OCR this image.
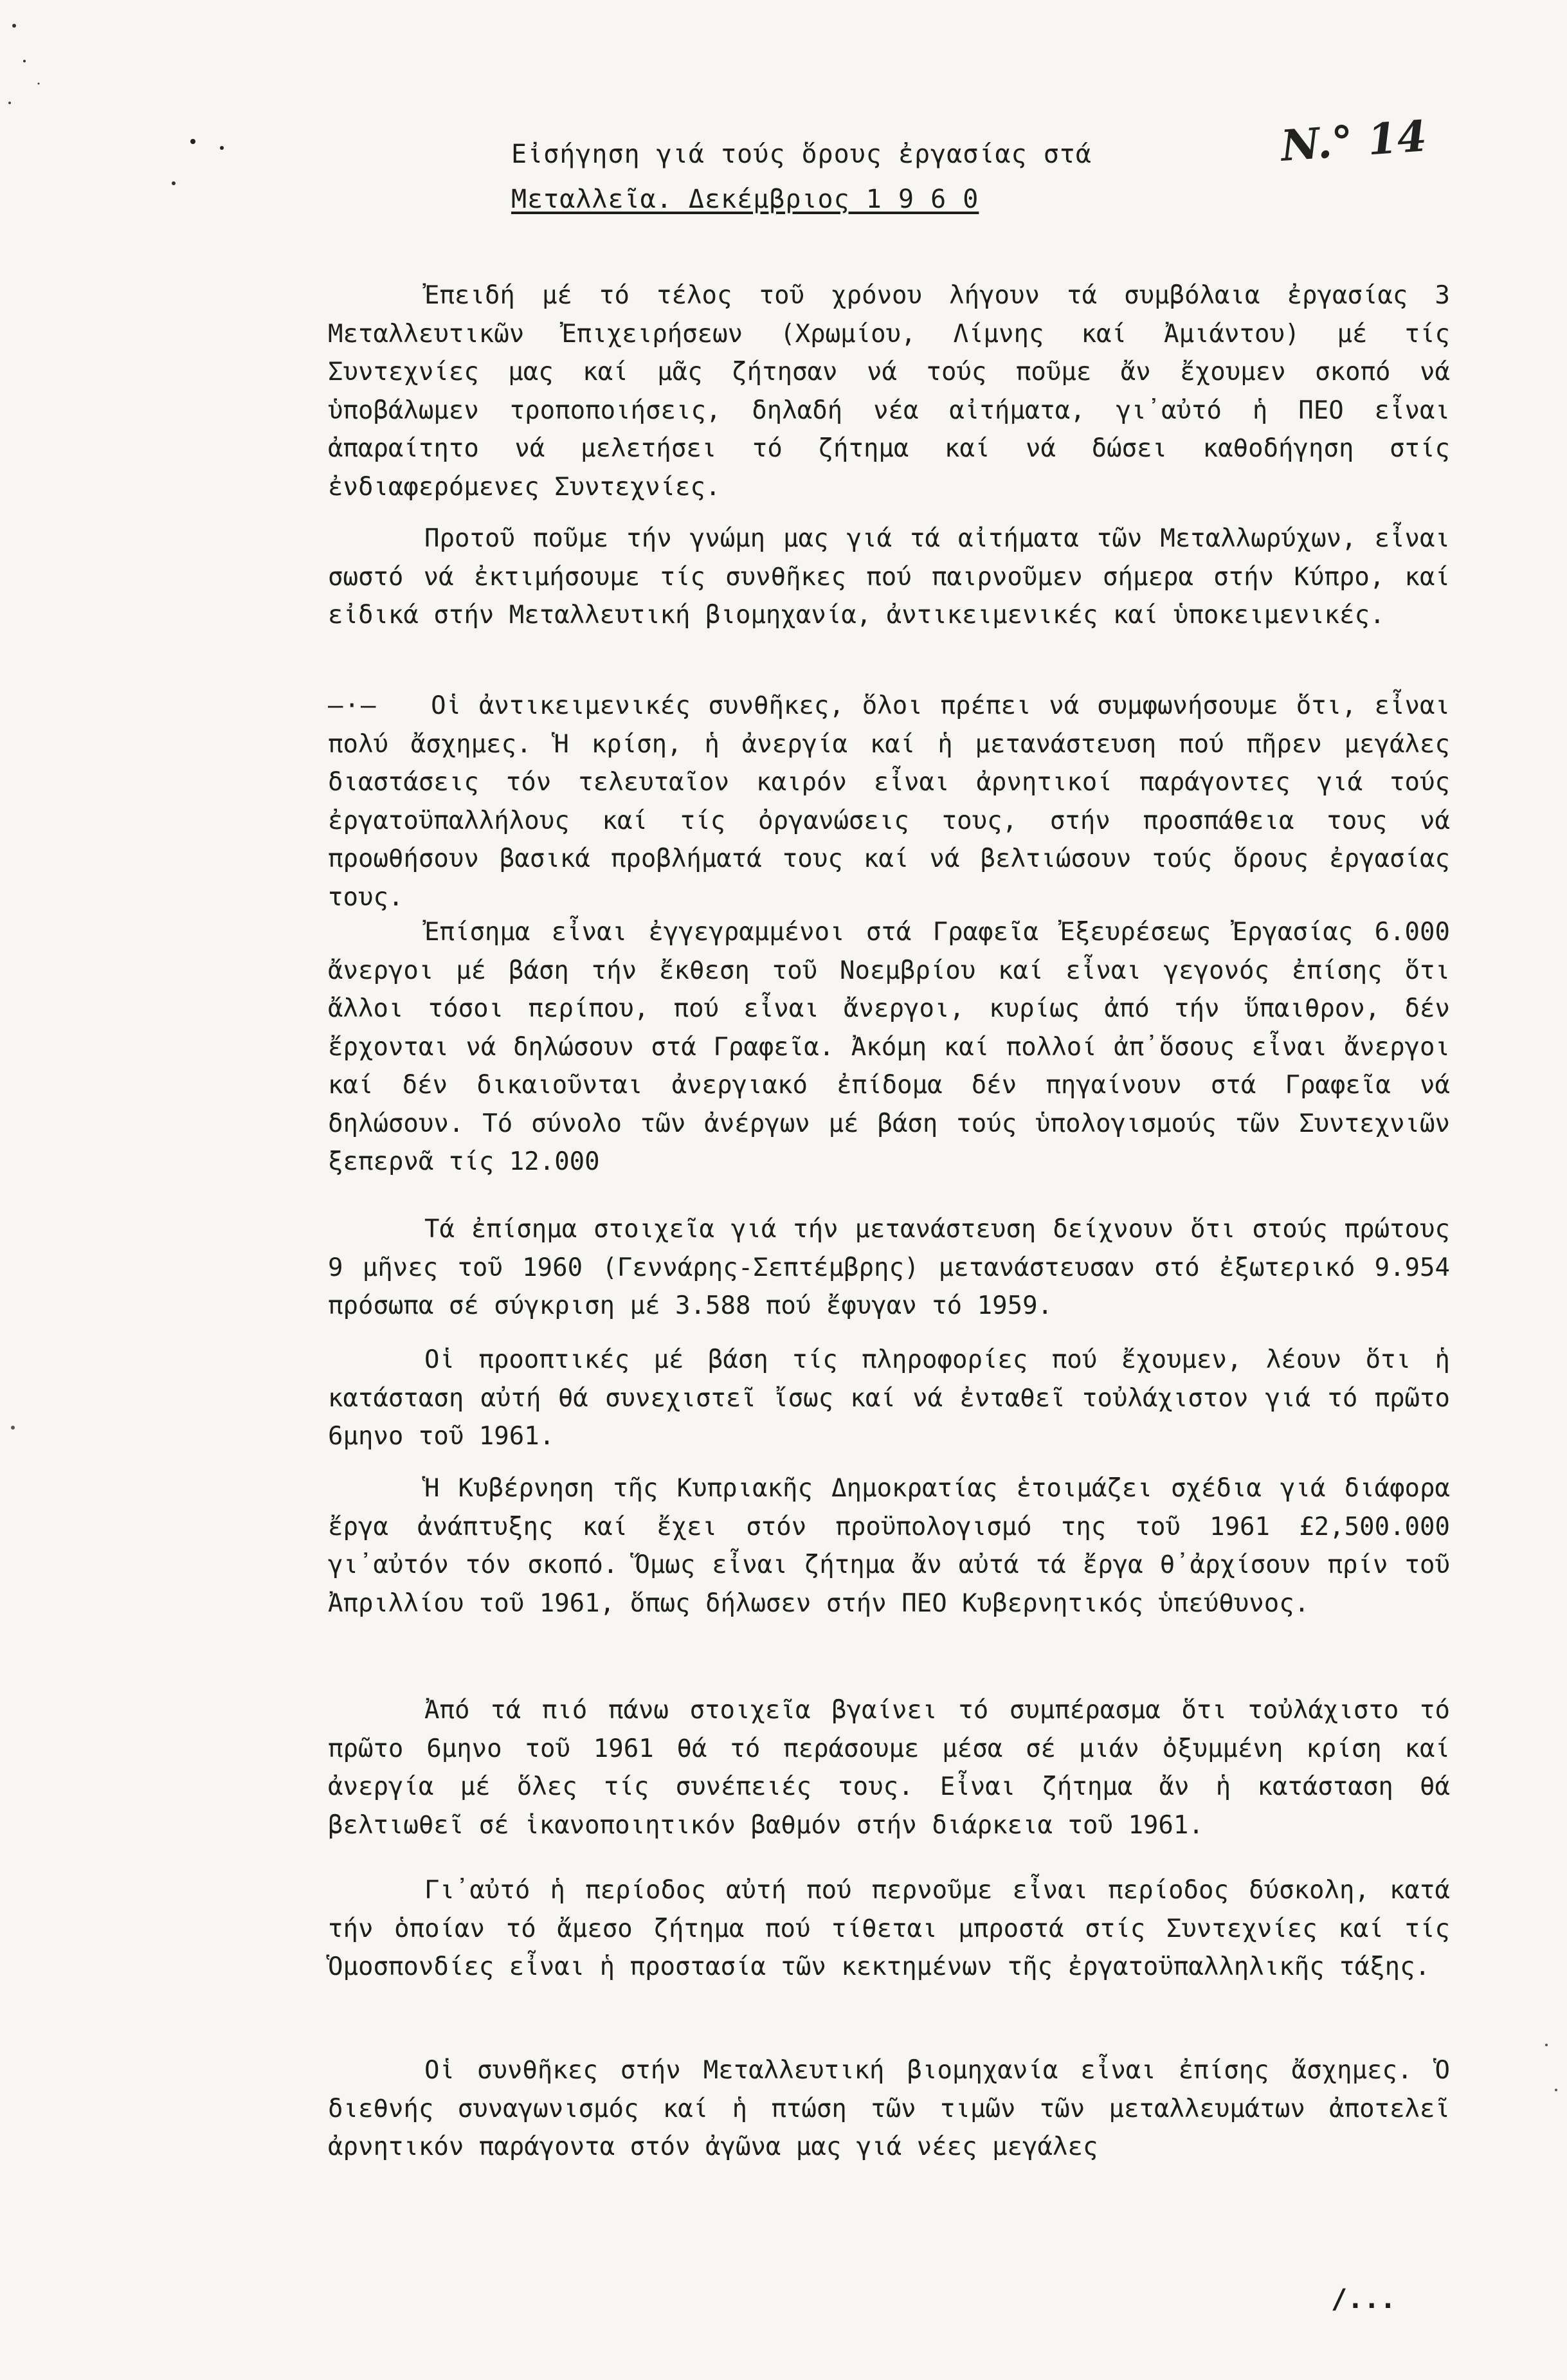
Εἰσήγηση γιά τούς ὅρους ἐργασίας στά
Μεταλλεῖα. Δεκέμβριος 1 9 6 0
N.° 14

Ἐπειδή μέ τό τέλος τοῦ χρόνου λήγουν τά συμβόλαια ἐργασίας 3 Μεταλλευτικῶν Ἐπιχειρήσεων (Χρωμίου, Λίμνης καί Ἀμιάντου) μέ τίς Συντεχνίες μας καί μᾶς ζήτησαν νά τούς ποῦμε ἄν ἔχουμεν σκοπό νά ὑποβάλωμεν τροποποιήσεις, δηλαδή νέα αἰτήματα, γι᾽αὐτό ἡ ΠΕΟ εἶναι ἀπαραίτητο νά μελετήσει τό ζήτημα καί νά δώσει καθοδήγηση στίς ἐνδιαφερόμενες Συντεχνίες.

Προτοῦ ποῦμε τήν γνώμη μας γιά τά αἰτήματα τῶν Μεταλλωρύχων, εἶναι σωστό νά ἐκτιμήσουμε τίς συνθῆκες πού παιρνοῦμεν σήμερα στήν Κύπρο, καί εἰδικά στήν Μεταλλευτική βιομηχανία, ἀντικειμενικές καί ὑποκειμενικές.

—·— Οἱ ἀντικειμενικές συνθῆκες, ὅλοι πρέπει νά συμφωνήσουμε ὅτι, εἶναι πολύ ἄσχημες. Ἡ κρίση, ἡ ἀνεργία καί ἡ μετανάστευση πού πῆρεν μεγάλες διαστάσεις τόν τελευταῖον καιρόν εἶναι ἀρνητικοί παράγοντες γιά τούς ἐργατοϋπαλλήλους καί τίς ὀργανώσεις τους, στήν προσπάθεια τους νά προωθήσουν βασικά προβλήματά τους καί νά βελτιώσουν τούς ὅρους ἐργασίας τους.

Ἐπίσημα εἶναι ἐγγεγραμμένοι στά Γραφεῖα Ἐξευρέσεως Ἐργασίας 6.000 ἄνεργοι μέ βάση τήν ἔκθεση τοῦ Νοεμβρίου καί εἶναι γεγονός ἐπίσης ὅτι ἄλλοι τόσοι περίπου, πού εἶναι ἄνεργοι, κυρίως ἀπό τήν ὕπαιθρον, δέν ἔρχονται νά δηλώσουν στά Γραφεῖα. Ἀκόμη καί πολλοί ἀπ᾽ὅσους εἶναι ἄνεργοι καί δέν δικαιοῦνται ἀνεργιακό ἐπίδομα δέν πηγαίνουν στά Γραφεῖα νά δηλώσουν. Τό σύνολο τῶν ἀνέργων μέ βάση τούς ὑπολογισμούς τῶν Συντεχνιῶν ξεπερνᾶ τίς 12.000

Τά ἐπίσημα στοιχεῖα γιά τήν μετανάστευση δείχνουν ὅτι στούς πρώτους 9 μῆνες τοῦ 1960 (Γεννάρης-Σεπτέμβρης) μετανάστευσαν στό ἐξωτερικό 9.954 πρόσωπα σέ σύγκριση μέ 3.588 πού ἔφυγαν τό 1959.

Οἱ προοπτικές μέ βάση τίς πληροφορίες πού ἔχουμεν, λέουν ὅτι ἡ κατάσταση αὐτή θά συνεχιστεῖ ἴσως καί νά ἐνταθεῖ τοὐλάχιστον γιά τό πρῶτο 6μηνο τοῦ 1961.

Ἡ Κυβέρνηση τῆς Κυπριακῆς Δημοκρατίας ἑτοιμάζει σχέδια γιά διάφορα ἔργα ἀνάπτυξης καί ἔχει στόν προϋπολογισμό της τοῦ 1961 £2,500.000 γι᾽αὐτόν τόν σκοπό. Ὅμως εἶναι ζήτημα ἄν αὐτά τά ἔργα θ᾽ἀρχίσουν πρίν τοῦ Ἀπριλλίου τοῦ 1961, ὅπως δήλωσεν στήν ΠΕΟ Κυβερνητικός ὑπεύθυνος.

Ἀπό τά πιό πάνω στοιχεῖα βγαίνει τό συμπέρασμα ὅτι τοὐλάχιστο τό πρῶτο 6μηνο τοῦ 1961 θά τό περάσουμε μέσα σέ μιάν ὀξυμμένη κρίση καί ἀνεργία μέ ὅλες τίς συνέπειές τους. Εἶναι ζήτημα ἄν ἡ κατάσταση θά βελτιωθεῖ σέ ἱκανοποιητικόν βαθμόν στήν διάρκεια τοῦ 1961.

Γι᾽αὐτό ἡ περίοδος αὐτή πού περνοῦμε εἶναι περίοδος δύσκολη, κατά τήν ὁποίαν τό ἄμεσο ζήτημα πού τίθεται μπροστά στίς Συντεχνίες καί τίς Ὁμοσπονδίες εἶναι ἡ προστασία τῶν κεκτημένων τῆς ἐργατοϋπαλληλικῆς τάξης.

Οἱ συνθῆκες στήν Μεταλλευτική βιομηχανία εἶναι ἐπίσης ἄσχημες. Ὁ διεθνής συναγωνισμός καί ἡ πτώση τῶν τιμῶν τῶν μεταλλευμάτων ἀποτελεῖ ἀρνητικόν παράγοντα στόν ἀγῶνα μας γιά νέες μεγάλες

/...
